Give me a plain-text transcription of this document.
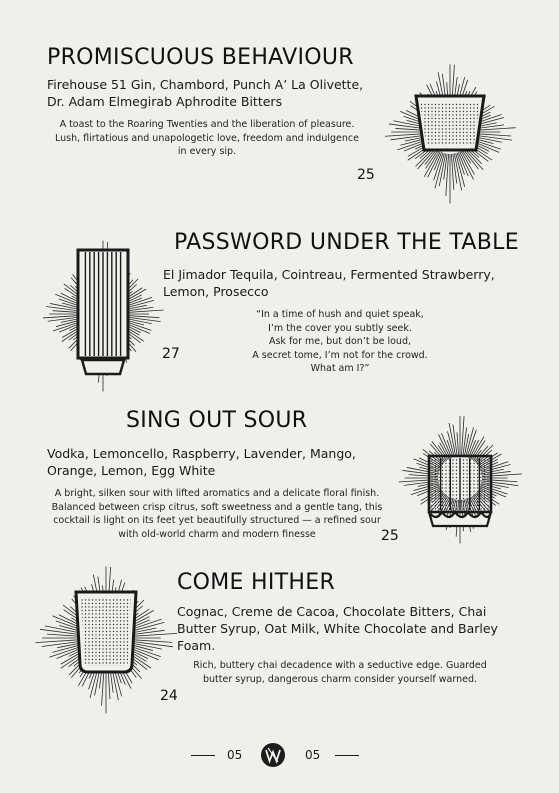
PROMISCUOUS BEHAVIOUR
Firehouse 51 Gin, Chambord, Punch A’ La Olivette,
Dr. Adam Elmegirab Aphrodite Bitters
A toast to the Roaring Twenties and the liberation of pleasure.
Lush, flirtatious and unapologetic love, freedom and indulgence
in every sip.
25
PASSWORD UNDER THE TABLE
El Jimador Tequila, Cointreau, Fermented Strawberry,
Lemon, Prosecco
“In a time of hush and quiet speak,
I’m the cover you subtly seek.
Ask for me, but don’t be loud,
A secret tome, I’m not for the crowd.
What am I?”
27
SING OUT SOUR
Vodka, Lemoncello, Raspberry, Lavender, Mango,
Orange, Lemon, Egg White
A bright, silken sour with lifted aromatics and a delicate floral finish.
Balanced between crisp citrus, soft sweetness and a gentle tang, this
cocktail is light on its feet yet beautifully structured — a refined sour
with old-world charm and modern finesse	25
COME HITHER
Cognac, Creme de Cacoa, Chocolate Bitters, Chai
Butter Syrup, Oat Milk, White Chocolate and Barley
Foam.
Rich, buttery chai decadence with a seductive edge. Guarded
butter syrup, dangerous charm consider yourself warned.
24
05	05
